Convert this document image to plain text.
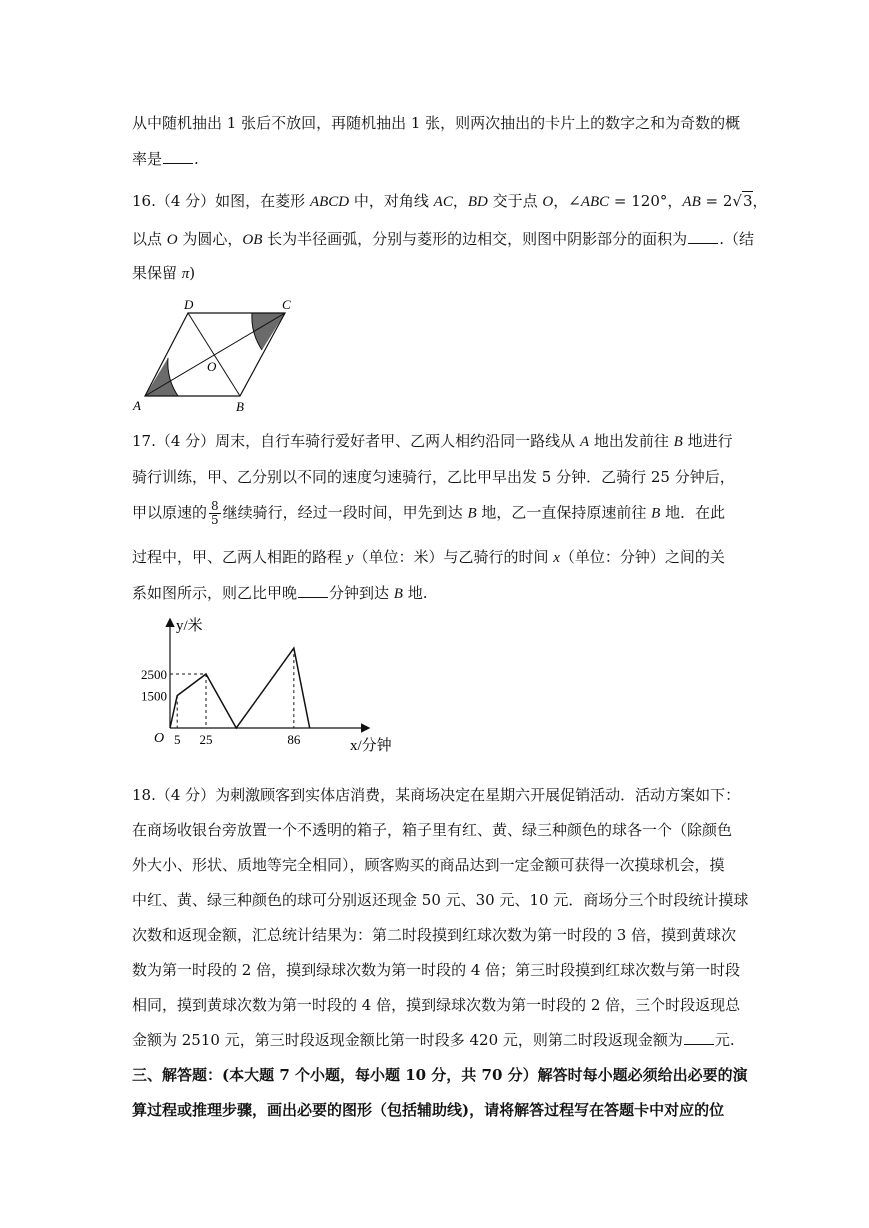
从中随机抽出 1 张后不放回，再随机抽出 1 张，则两次抽出的卡片上的数字之和为奇数的概
率是 .
16.（4 分）如图，在菱形 ABCD 中，对角线 AC，BD 交于点 O，∠ABC = 120°，AB = 2√3，
以点 O 为圆心，OB 长为半径画弧，分别与菱形的边相交，则图中阴影部分的面积为 .（结
果保留 π)
A	B
C
D
O
17.（4 分）周末，自行车骑行爱好者甲、乙两人相约沿同一路线从 A 地出发前往 B 地进行
骑行训练，甲、乙分别以不同的速度匀速骑行，乙比甲早出发 5 分钟．乙骑行 25 分钟后，
甲以原速的 $\frac{8}{5}$ 继续骑行，经过一段时间，甲先到达 B 地，乙一直保持原速前往 B 地．在此
过程中，甲、乙两人相距的路程 y（单位：米）与乙骑行的时间 x（单位：分钟）之间的关
系如图所示，则乙比甲晚 分钟到达 B 地.
5 25	86
2500
1500
y/米
x/分钟
O
18.（4 分）为刺激顾客到实体店消费，某商场决定在星期六开展促销活动．活动方案如下：
在商场收银台旁放置一个不透明的箱子，箱子里有红、黄、绿三种颜色的球各一个（除颜色
外大小、形状、质地等完全相同），顾客购买的商品达到一定金额可获得一次摸球机会，摸
中红、黄、绿三种颜色的球可分别返还现金 50 元、30 元、10 元．商场分三个时段统计摸球
次数和返现金额，汇总统计结果为：第二时段摸到红球次数为第一时段的 3 倍，摸到黄球次
数为第一时段的 2 倍，摸到绿球次数为第一时段的 4 倍；第三时段摸到红球次数与第一时段
相同，摸到黄球次数为第一时段的 4 倍，摸到绿球次数为第一时段的 2 倍，三个时段返现总
金额为 2510 元，第三时段返现金额比第一时段多 420 元，则第二时段返现金额为 元.
三、解答题：(本大题 7 个小题，每小题 10 分，共 70 分）解答时每小题必须给出必要的演
算过程或推理步骤，画出必要的图形（包括辅助线)，请将解答过程写在答题卡中对应的位
